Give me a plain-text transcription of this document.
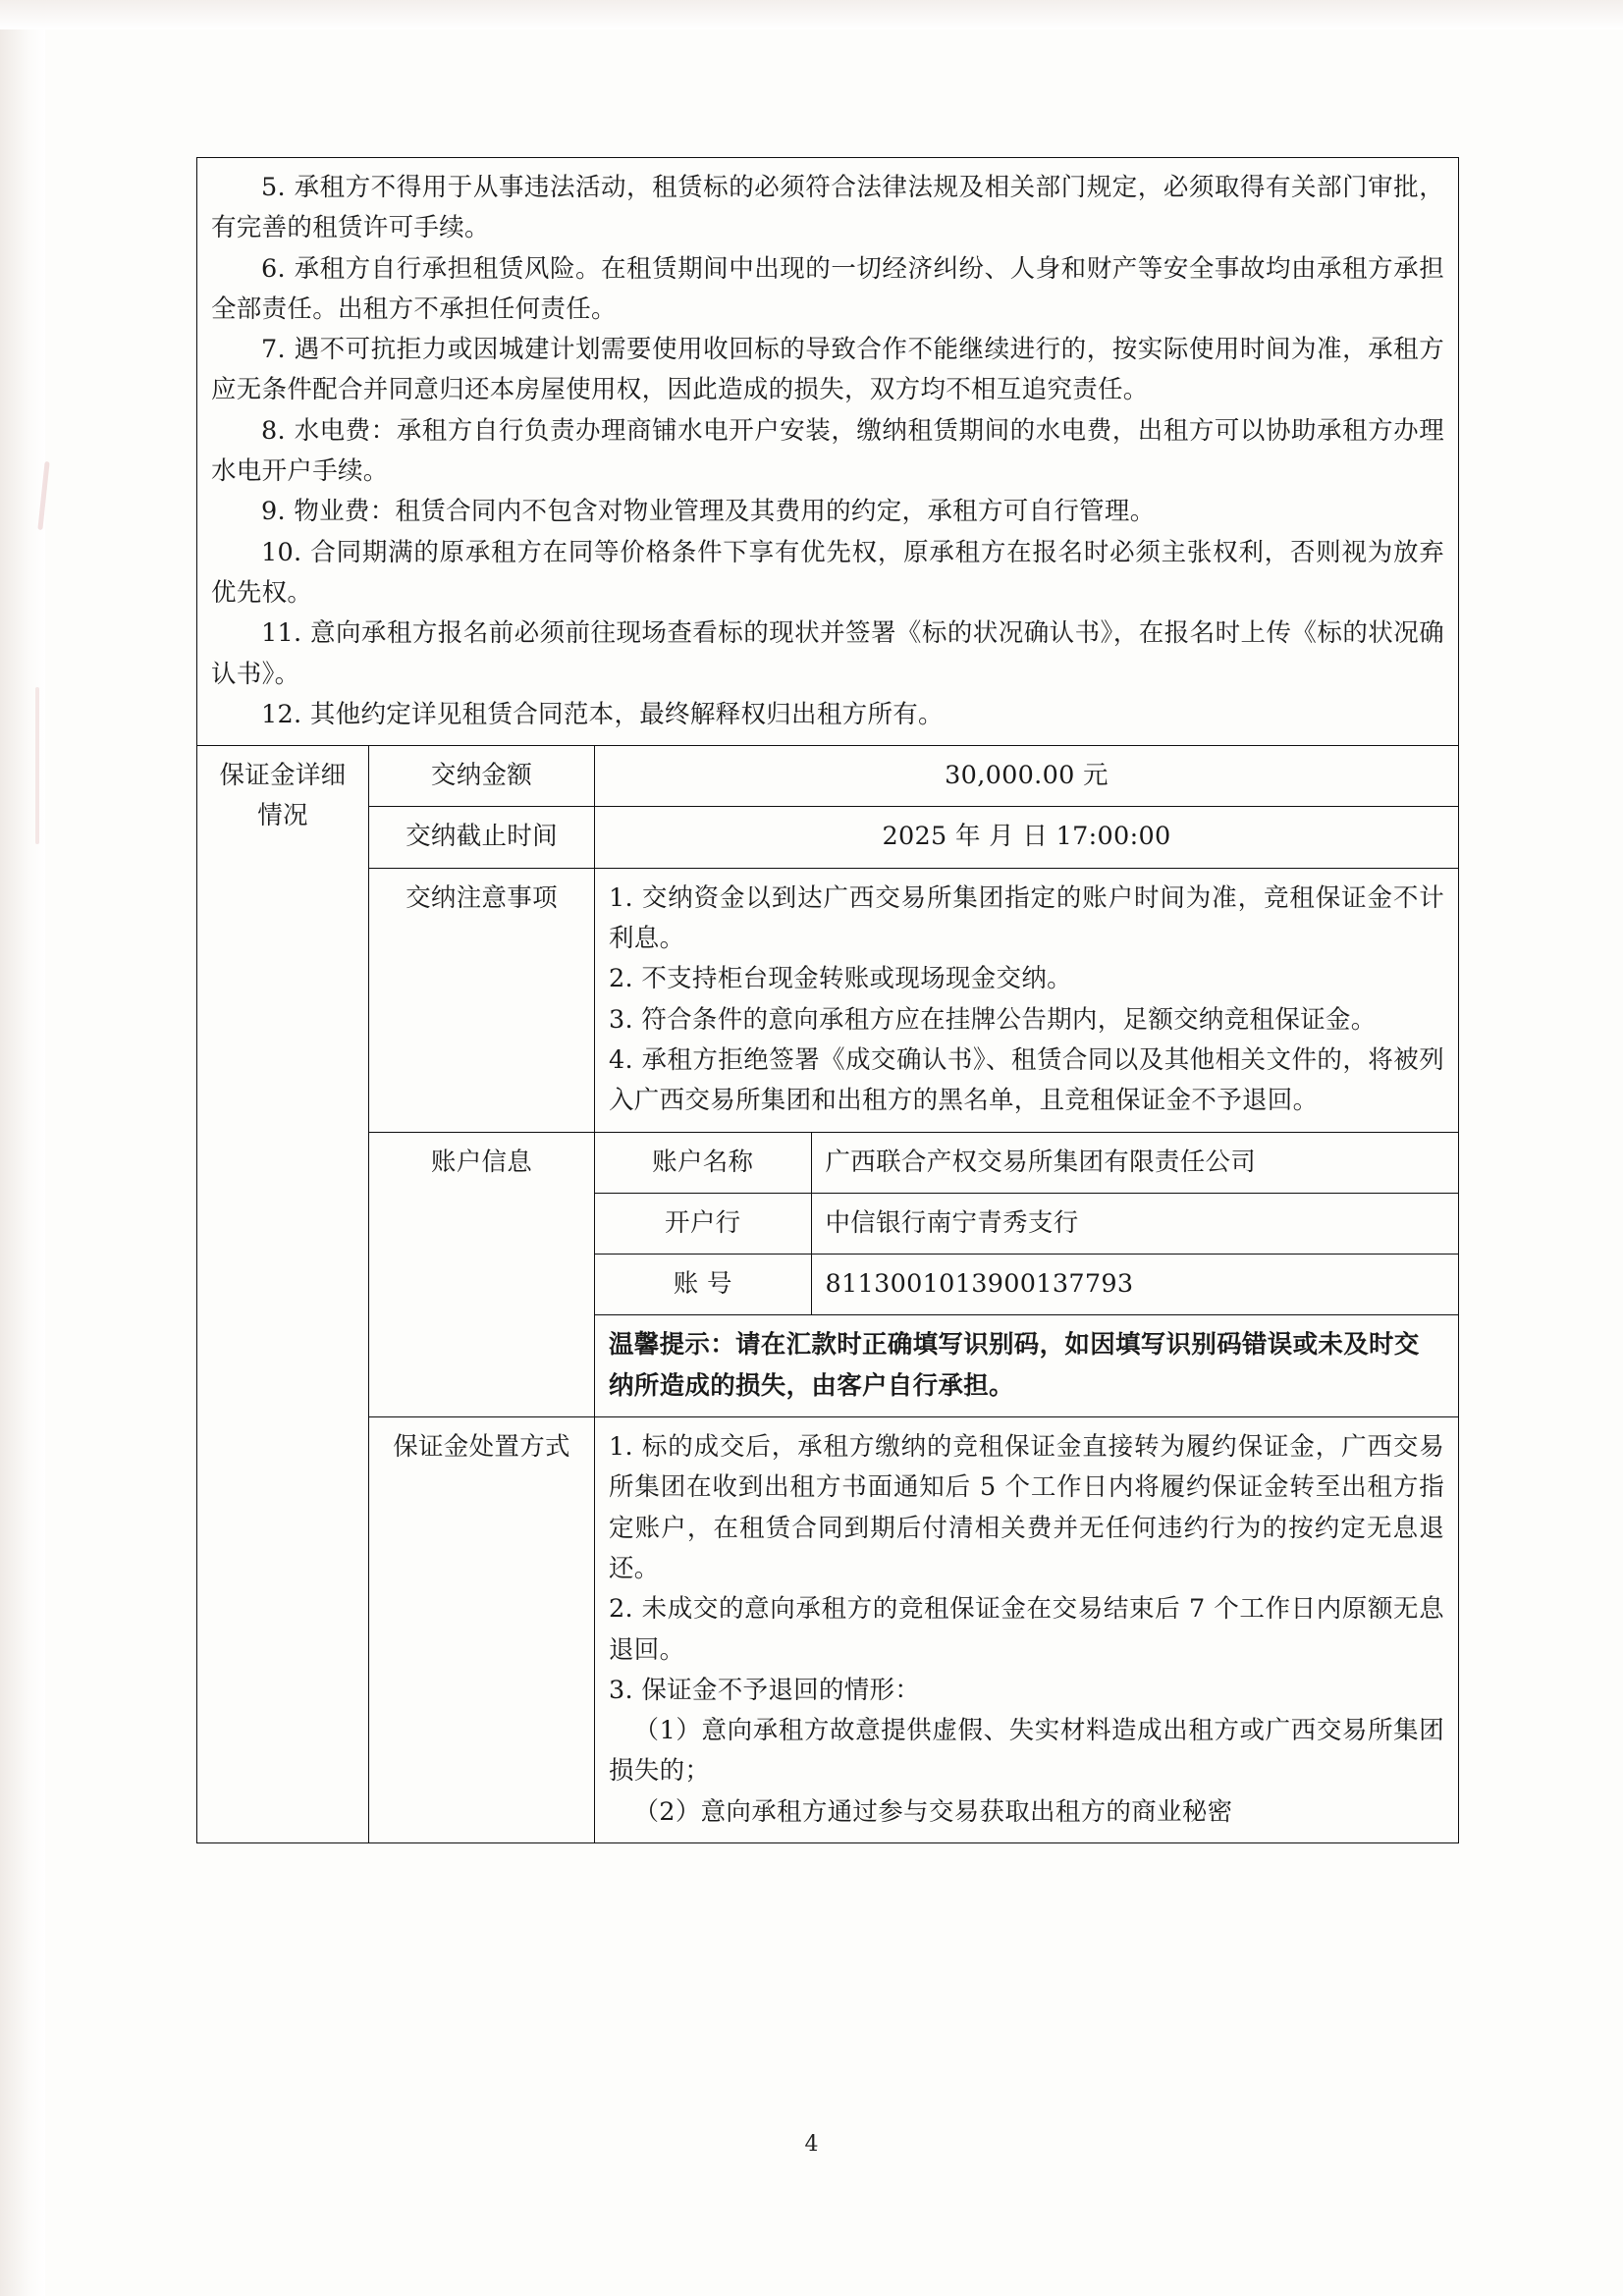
5. 承租方不得用于从事违法活动，租赁标的必须符合法律法规及相关部门规定，必须取得有关部门审批，有完善的租赁许可手续。

6. 承租方自行承担租赁风险。在租赁期间中出现的一切经济纠纷、人身和财产等安全事故均由承租方承担全部责任。出租方不承担任何责任。

7. 遇不可抗拒力或因城建计划需要使用收回标的导致合作不能继续进行的，按实际使用时间为准，承租方应无条件配合并同意归还本房屋使用权，因此造成的损失，双方均不相互追究责任。

8. 水电费：承租方自行负责办理商铺水电开户安装，缴纳租赁期间的水电费，出租方可以协助承租方办理水电开户手续。

9. 物业费：租赁合同内不包含对物业管理及其费用的约定，承租方可自行管理。

10. 合同期满的原承租方在同等价格条件下享有优先权，原承租方在报名时必须主张权利，否则视为放弃优先权。

11. 意向承租方报名前必须前往现场查看标的现状并签署《标的状况确认书》，在报名时上传《标的状况确认书》。

12. 其他约定详见租赁合同范本，最终解释权归出租方所有。

保证金详细情况	交纳金额	30,000.00 元
交纳截止时间	2025 年 月 日 17:00:00
交纳注意事项	1. 交纳资金以到达广西交易所集团指定的账户时间为准，竞租保证金不计利息。

2. 不支持柜台现金转账或现场现金交纳。

3. 符合条件的意向承租方应在挂牌公告期内，足额交纳竞租保证金。

4. 承租方拒绝签署《成交确认书》、租赁合同以及其他相关文件的，将被列入广西交易所集团和出租方的黑名单，且竞租保证金不予退回。

账户信息		账户名称	广西联合产权交易所集团有限责任公司
开户行	中信银行南宁青秀支行
账 号	8113001013900137793
温馨提示：请在汇款时正确填写识别码，如因填写识别码错误或未及时交纳所造成的损失，由客户自行承担。

保证金处置方式	1. 标的成交后，承租方缴纳的竞租保证金直接转为履约保证金，广西交易所集团在收到出租方书面通知后 5 个工作日内将履约保证金转至出租方指定账户，在租赁合同到期后付清相关费并无任何违约行为的按约定无息退还。

2. 未成交的意向承租方的竞租保证金在交易结束后 7 个工作日内原额无息退回。

3. 保证金不予退回的情形：

（1）意向承租方故意提供虚假、失实材料造成出租方或广西交易所集团损失的；

（2）意向承租方通过参与交易获取出租方的商业秘密

4
